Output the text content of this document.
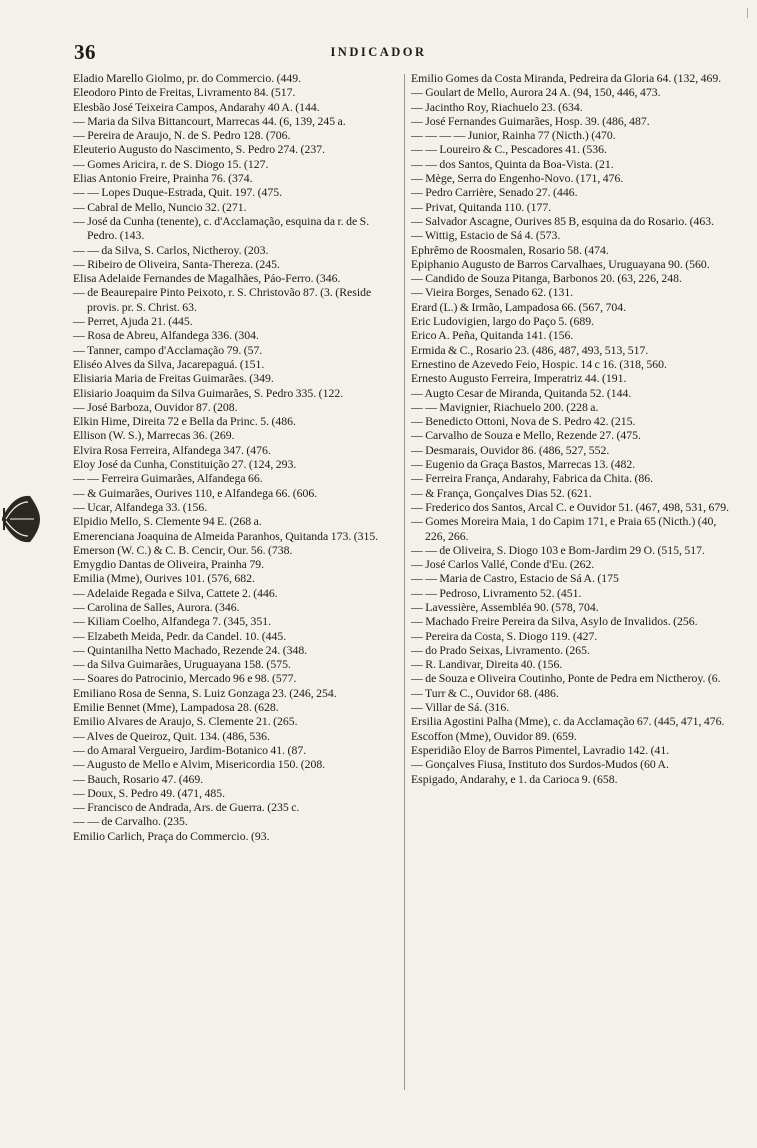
36	INDICADOR
ᛁ
Eladio Marello Giolmo, pr. do Commercio. (449.
Eleodoro Pinto de Freitas, Livramento 84. (517.
Elesbão José Teixeira Campos, Andarahy 40 A. (144.
— Maria da Silva Bittancourt, Marrecas 44. (6, 139, 245 a.
— Pereira de Araujo, N. de S. Pedro 128. (706.
Eleuterio Augusto do Nascimento, S. Pedro 274. (237.
— Gomes Aricira, r. de S. Diogo 15. (127.
Elias Antonio Freire, Prainha 76. (374.
— — Lopes Duque-Estrada, Quit. 197. (475.
— Cabral de Mello, Nuncio 32. (271.
— José da Cunha (tenente), c. d'Acclamação, esquina da r. de S. Pedro. (143.
— — da Silva, S. Carlos, Nictheroy. (203.
— Ribeiro de Oliveira, Santa-Thereza. (245.
Elisa Adelaide Fernandes de Magalhães, Páo-Ferro. (346.
— de Beaurepaire Pinto Peixoto, r. S. Christovão 87. (3. (Reside provis. pr. S. Christ. 63.
— Perret, Ajuda 21. (445.
— Rosa de Abreu, Alfandega 336. (304.
— Tanner, campo d'Acclamação 79. (57.
Eliséo Alves da Silva, Jacarepaguá. (151.
Elisiaria Maria de Freitas Guimarães. (349.
Elisiario Joaquim da Silva Guimarães, S. Pedro 335. (122.
— José Barboza, Ouvidor 87. (208.
Elkin Hime, Direita 72 e Bella da Princ. 5. (486.
Ellison (W. S.), Marrecas 36. (269.
Elvira Rosa Ferreira, Alfandega 347. (476.
Eloy José da Cunha, Constituição 27. (124, 293.
— — Ferreira Guimarães, Alfandega 66.
— & Guimarães, Ourives 110, e Alfandega 66. (606.
— Ucar, Alfandega 33. (156.
Elpidio Mello, S. Clemente 94 E. (268 a.
Emerenciana Joaquina de Almeida Paranhos, Quitanda 173. (315.
Emerson (W. C.) & C. B. Cencir, Our. 56. (738.
Emygdio Dantas de Oliveira, Prainha 79.
Emilia (Mme), Ourives 101. (576, 682.
— Adelaide Regada e Silva, Cattete 2. (446.
— Carolina de Salles, Aurora. (346.
— Kiliam Coelho, Alfandega 7. (345, 351.
— Elzabeth Meida, Pedr. da Candel. 10. (445.
— Quintanilha Netto Machado, Rezende 24. (348.
— da Silva Guimarães, Uruguayana 158. (575.
— Soares do Patrocinio, Mercado 96 e 98. (577.
Emiliano Rosa de Senna, S. Luiz Gonzaga 23. (246, 254.
Emilie Bennet (Mme), Lampadosa 28. (628.
Emilio Alvares de Araujo, S. Clemente 21. (265.
— Alves de Queiroz, Quit. 134. (486, 536.
— do Amaral Vergueiro, Jardim-Botanico 41. (87.
— Augusto de Mello e Alvim, Misericordia 150. (208.
— Bauch, Rosario 47. (469.
— Doux, S. Pedro 49. (471, 485.
— Francisco de Andrada, Ars. de Guerra. (235 c.
— — de Carvalho. (235.
Emilio Carlich, Praça do Commercio. (93.
Emilio Gomes da Costa Miranda, Pedreira da Gloria 64. (132, 469.
— Goulart de Mello, Aurora 24 A. (94, 150, 446, 473.
— Jacintho Roy, Riachuelo 23. (634.
— José Fernandes Guimarães, Hosp. 39. (486, 487.
— — — — Junior, Rainha 77 (Nicth.) (470.
— — Loureiro & C., Pescadores 41. (536.
— — dos Santos, Quinta da Boa-Vista. (21.
— Mège, Serra do Engenho-Novo. (171, 476.
— Pedro Carrière, Senado 27. (446.
— Privat, Quitanda 110. (177.
— Salvador Ascagne, Ourives 85 B, esquina da do Rosario. (463.
— Wittig, Estacio de Sá 4. (573.
Ephrêmo de Roosmalen, Rosario 58. (474.
Epiphanio Augusto de Barros Carvalhaes, Uruguayana 90. (560.
— Candido de Souza Pitanga, Barbonos 20. (63, 226, 248.
— Vieira Borges, Senado 62. (131.
Erard (L.) & Irmão, Lampadosa 66. (567, 704.
Eric Ludovigien, largo do Paço 5. (689.
Erico A. Peña, Quitanda 141. (156.
Ermida & C., Rosario 23. (486, 487, 493, 513, 517.
Ernestino de Azevedo Feio, Hospic. 14 c 16. (318, 560.
Ernesto Augusto Ferreira, Imperatriz 44. (191.
— Augto Cesar de Miranda, Quitanda 52. (144.
— — Mavignier, Riachuelo 200. (228 a.
— Benedicto Ottoni, Nova de S. Pedro 42. (215.
— Carvalho de Souza e Mello, Rezende 27. (475.
— Desmarais, Ouvidor 86. (486, 527, 552.
— Eugenio da Graça Bastos, Marrecas 13. (482.
— Ferreira França, Andarahy, Fabrica da Chita. (86.
— & França, Gonçalves Dias 52. (621.
— Frederico dos Santos, Arcal C. e Ouvidor 51. (467, 498, 531, 679.
— Gomes Moreira Maia, 1 do Capim 171, e Praia 65 (Nicth.) (40, 226, 266.
— — de Oliveira, S. Diogo 103 e Bom-Jardim 29 O. (515, 517.
— José Carlos Vallé, Conde d'Eu. (262.
— — Maria de Castro, Estacio de Sá A. (175
— — Pedroso, Livramento 52. (451.
— Lavessière, Assembléa 90. (578, 704.
— Machado Freire Pereira da Silva, Asylo de Invalidos. (256.
— Pereira da Costa, S. Diogo 119. (427.
— do Prado Seixas, Livramento. (265.
— R. Landivar, Direita 40. (156.
— de Souza e Oliveira Coutinho, Ponte de Pedra em Nictheroy. (6.
— Turr & C., Ouvidor 68. (486.
— Villar de Sá. (316.
Ersilia Agostini Palha (Mme), c. da Acclamação 67. (445, 471, 476.
Escoffon (Mme), Ouvidor 89. (659.
Esperidião Eloy de Barros Pimentel, Lavradio 142. (41.
— Gonçalves Fiusa, Instituto dos Surdos-Mudos (60 A.
Espigado, Andarahy, e 1. da Carioca 9. (658.
